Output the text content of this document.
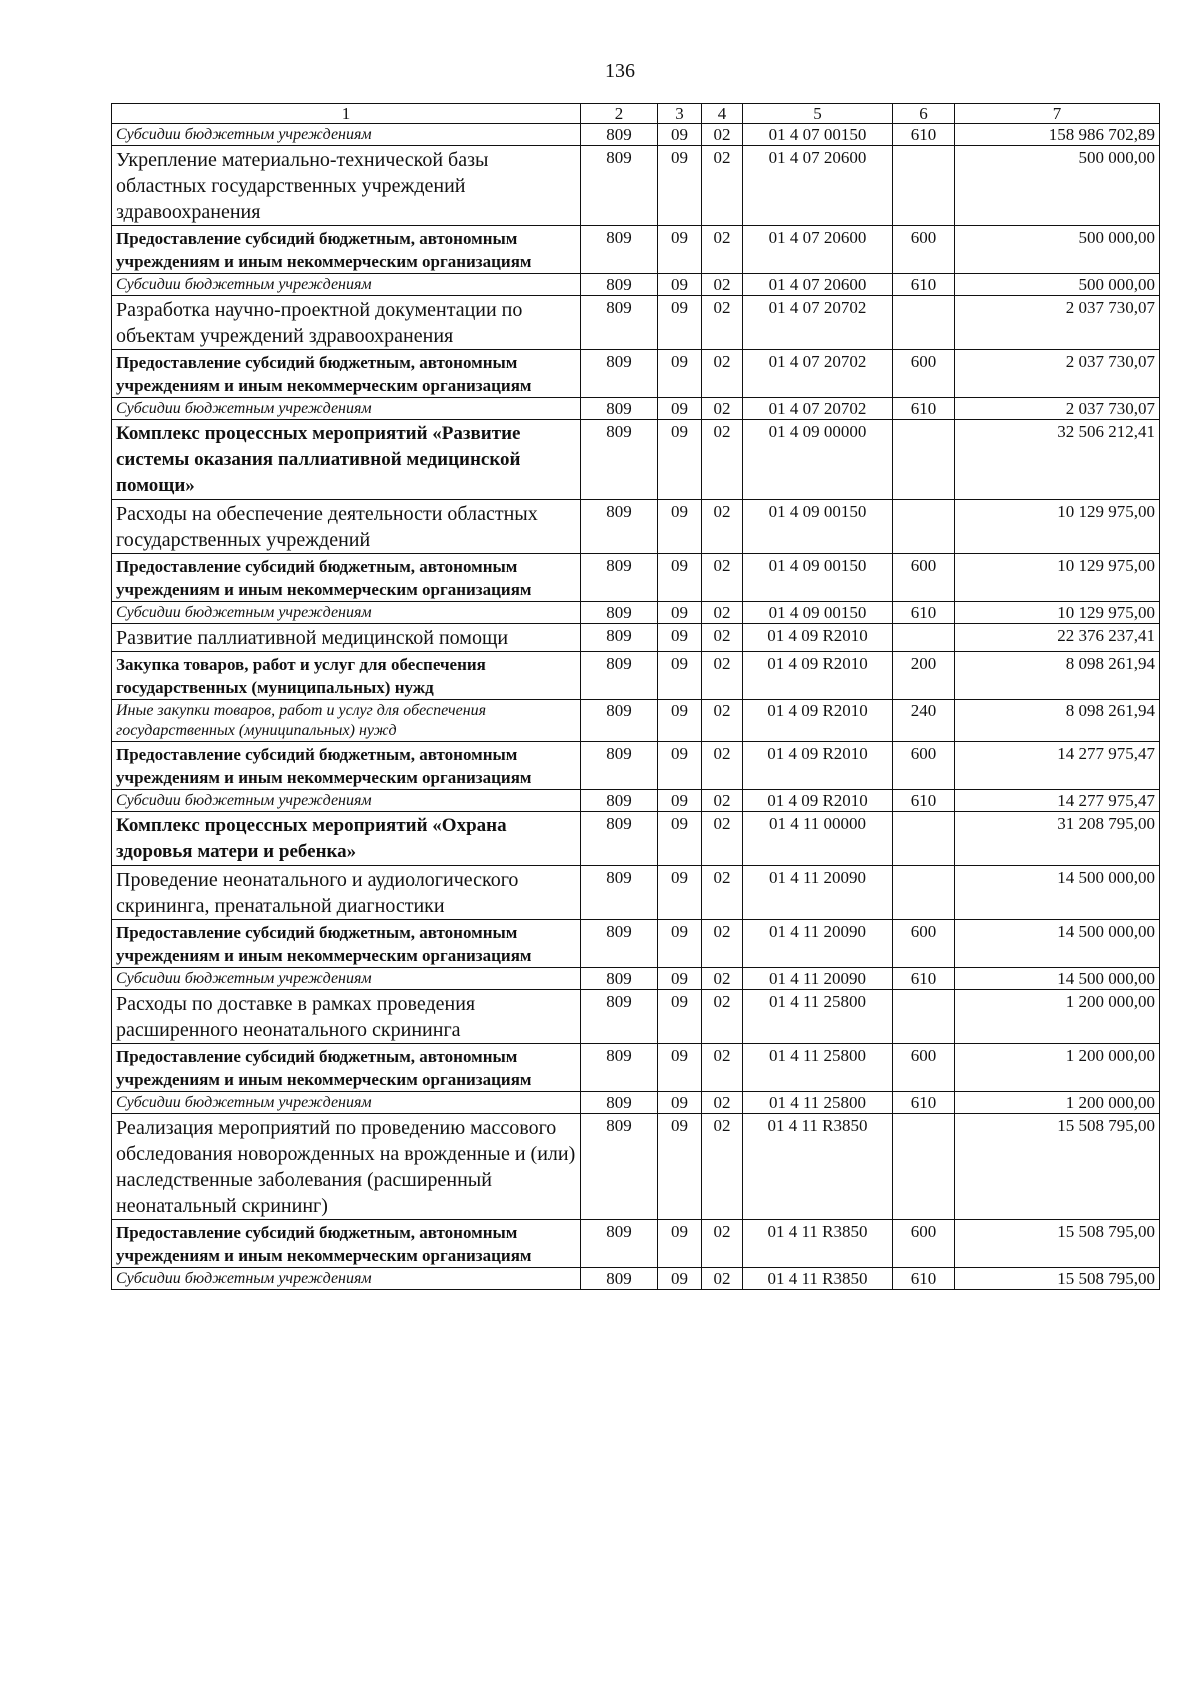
136
1	2	3	4	5	6	7
Субсидии бюджетным учреждениям	809	09	02	01 4 07 00150	610	158 986 702,89
Укрепление материально-технической базы областных государственных учреждений здравоохранения	809	09	02	01 4 07 20600		500 000,00
Предоставление субсидий бюджетным, автономным учреждениям и иным некоммерческим организациям	809	09	02	01 4 07 20600	600	500 000,00
Субсидии бюджетным учреждениям	809	09	02	01 4 07 20600	610	500 000,00
Разработка научно-проектной документации по объектам учреждений здравоохранения	809	09	02	01 4 07 20702		2 037 730,07
Предоставление субсидий бюджетным, автономным учреждениям и иным некоммерческим организациям	809	09	02	01 4 07 20702	600	2 037 730,07
Субсидии бюджетным учреждениям	809	09	02	01 4 07 20702	610	2 037 730,07
Комплекс процессных мероприятий «Развитие системы оказания паллиативной медицинской помощи»	809	09	02	01 4 09 00000		32 506 212,41
Расходы на обеспечение деятельности областных государственных учреждений	809	09	02	01 4 09 00150		10 129 975,00
Предоставление субсидий бюджетным, автономным учреждениям и иным некоммерческим организациям	809	09	02	01 4 09 00150	600	10 129 975,00
Субсидии бюджетным учреждениям	809	09	02	01 4 09 00150	610	10 129 975,00
Развитие паллиативной медицинской помощи	809	09	02	01 4 09 R2010		22 376 237,41
Закупка товаров, работ и услуг для обеспечения государственных (муниципальных) нужд	809	09	02	01 4 09 R2010	200	8 098 261,94
Иные закупки товаров, работ и услуг для обеспечения государственных (муниципальных) нужд	809	09	02	01 4 09 R2010	240	8 098 261,94
Предоставление субсидий бюджетным, автономным учреждениям и иным некоммерческим организациям	809	09	02	01 4 09 R2010	600	14 277 975,47
Субсидии бюджетным учреждениям	809	09	02	01 4 09 R2010	610	14 277 975,47
Комплекс процессных мероприятий «Охрана здоровья матери и ребенка»	809	09	02	01 4 11 00000		31 208 795,00
Проведение неонатального и аудиологического скрининга, пренатальной диагностики	809	09	02	01 4 11 20090		14 500 000,00
Предоставление субсидий бюджетным, автономным учреждениям и иным некоммерческим организациям	809	09	02	01 4 11 20090	600	14 500 000,00
Субсидии бюджетным учреждениям	809	09	02	01 4 11 20090	610	14 500 000,00
Расходы по доставке в рамках проведения расширенного неонатального скрининга	809	09	02	01 4 11 25800		1 200 000,00
Предоставление субсидий бюджетным, автономным учреждениям и иным некоммерческим организациям	809	09	02	01 4 11 25800	600	1 200 000,00
Субсидии бюджетным учреждениям	809	09	02	01 4 11 25800	610	1 200 000,00
Реализация мероприятий по проведению массового обследования новорожденных на врожденные и (или) наследственные заболевания (расширенный неонатальный скрининг)	809	09	02	01 4 11 R3850		15 508 795,00
Предоставление субсидий бюджетным, автономным учреждениям и иным некоммерческим организациям	809	09	02	01 4 11 R3850	600	15 508 795,00
Субсидии бюджетным учреждениям	809	09	02	01 4 11 R3850	610	15 508 795,00
